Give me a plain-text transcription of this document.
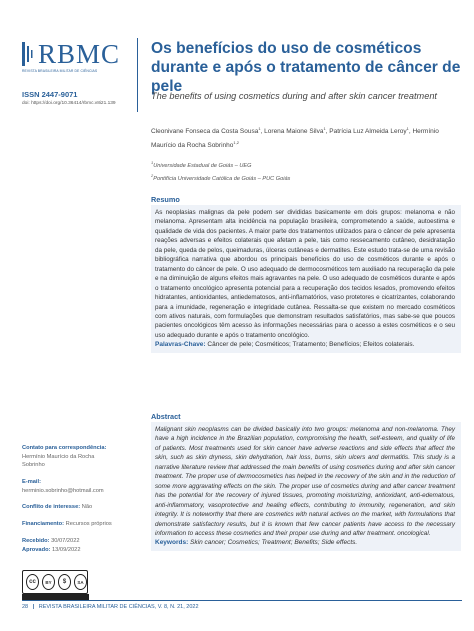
RBMC
REVISTA BRASILEIRA MILITAR DE CIÊNCIAS
ISSN 2447-9071
doi: https://doi.org/10.36414/rbmc.v8i21.139
Os benefícios do uso de cosméticos durante e após o tratamento de câncer de pele
The benefits of using cosmetics during and after skin cancer treatment
Cleonivane Fonseca da Costa Sousa$^1$, Lorena Maione Silva$^1$, Patrícia Luz Almeida Leroy$^1$, Hermínio Maurício da Rocha Sobrinho$^{1,2}$
$^1$Universidade Estadual de Goiás – UEG
$^2$Pontifícia Universidade Católica de Goiás – PUC Goiás
Resumo

As neoplasias malignas da pele podem ser divididas basicamente em dois grupos: melanoma e não melanoma. Apresentam alta incidência na população brasileira, comprometendo a saúde, autoestima e qualidade de vida dos pacientes. A maior parte dos tratamentos utilizados para o câncer de pele apresenta reações adversas e efeitos colaterais que afetam a pele, tais como ressecamento cutâneo, desidratação da pele, queda de pelos, queimaduras, úlceras cutâneas e dermatites. Este estudo trata-se de uma revisão bibliográfica narrativa que abordou os principais benefícios do uso de cosméticos durante e após o tratamento do câncer de pele. O uso adequado de dermocosméticos tem auxiliado na recuperação da pele e na diminuição de alguns efeitos mais agravantes na pele. O uso adequado de cosméticos durante e após o tratamento oncológico apresenta potencial para a recuperação dos tecidos lesados, promovendo efeitos hidratantes, antioxidantes, antiedematosos, anti-inflamatórios, vaso protetores e cicatrizantes, colaborando para a imunidade, regeneração e integridade cutânea. Ressalta-se que existem no mercado cosméticos com ativos naturais, com formulações que demonstram resultados satisfatórios, mas sabe-se que poucos pacientes oncológicos têm acesso às informações necessárias para o acesso a estes cosméticos e o seu uso adequado durante e após o tratamento oncológico.

Palavras-Chave: Câncer de pele; Cosméticos; Tratamento; Benefícios; Efeitos colaterais.
Abstract

Malignant skin neoplasms can be divided basically into two groups: melanoma and non-melanoma. They have a high incidence in the Brazilian population, compromising the health, self-esteem, and quality of life of patients. Most treatments used for skin cancer have adverse reactions and side effects that affect the skin, such as skin dryness, skin dehydration, hair loss, burns, skin ulcers and dermatitis. This study is a narrative literature review that addressed the main benefits of using cosmetics during and after skin cancer treatment. The proper use of dermocosmetics has helped in the recovery of the skin and in the reduction of some more aggravating effects on the skin. The proper use of cosmetics during and after cancer treatment has the potential for the recovery of injured tissues, promoting moisturizing, antioxidant, anti-edematous, anti-inflammatory, vasoprotective and healing effects, contributing to immunity, regeneration, and skin integrity. It is noteworthy that there are cosmetics with natural actives on the market, with formulations that demonstrate satisfactory results, but it is known that few cancer patients have access to the necessary information to access these cosmetics and their proper use during and after treatment. oncological.

Keywords: Skin cancer; Cosmetics; Treatment; Benefits; Side effects.
Contato para correspondência:
Hermínio Maurício da Rocha
Sobrinho
E-mail:
herminio.sobrinho@hotmail.com
Conflito de interesse: Não
Financiamento: Recursos próprios
Recebido: 30/07/2022
Aprovado: 13/09/2022
cc	BY	$	SA
28 | REVISTA BRASILEIRA MILITAR DE CIÊNCIAS, V. 8, N. 21, 2022
